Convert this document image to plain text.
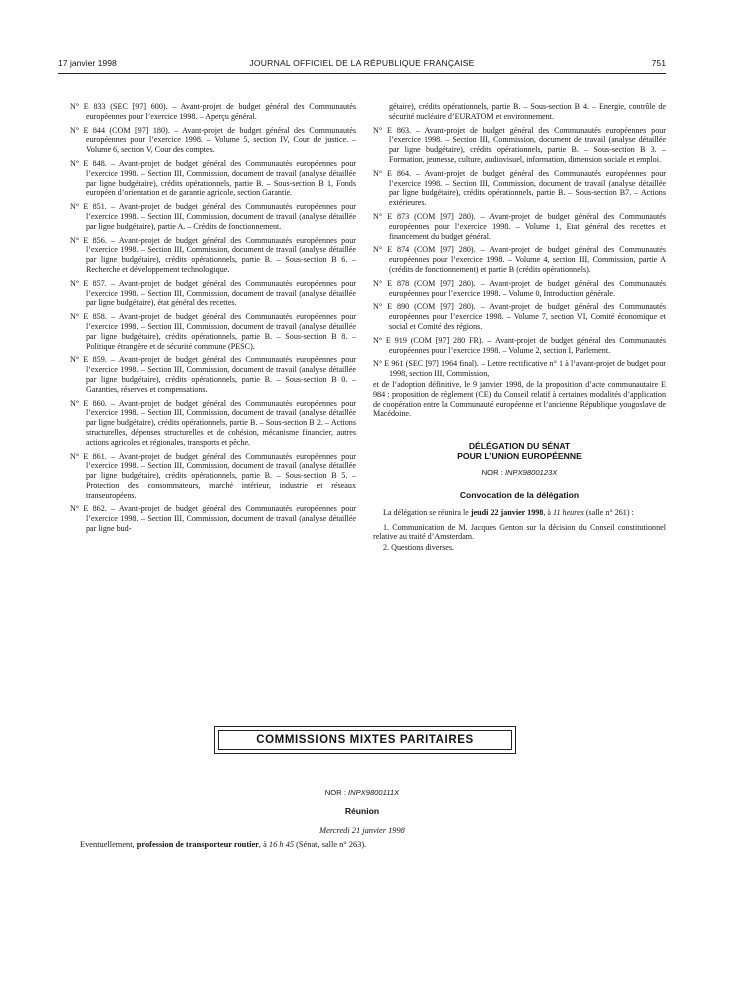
17 janvier 1998	JOURNAL OFFICIEL DE LA RÉPUBLIQUE FRANÇAISE	751

N° E 833 (SEC [97] 600). – Avant-projet de budget général des Communautés européennes pour l’exercice 1998. – Aperçu général.

N° E 844 (COM [97] 180). – Avant-projet de budget général des Communautés européennes pour l’exercice 1998. – Volume 5, section IV, Cour de justice. – Volume 6, section V, Cour des comptes.

N° E 848. – Avant-projet de budget général des Communautés européennes pour l’exercice 1998. – Section III, Commission, document de travail (analyse détaillée par ligne budgétaire), crédits opérationnels, partie B. – Sous-section B 1, Fonds européen d’orientation et de garantie agricole, section Garantie.

N° E 851. – Avant-projet de budget général des Communautés européennes pour l’exercice 1998. – Section III, Commission, document de travail (analyse détaillée par ligne budgétaire), partie A. – Crédits de fonctionnement.

N° E 856. – Avant-projet de budget général des Communautés européennes pour l’exercice 1998. – Section III, Commission, document de travail (analyse détaillée par ligne budgétaire), crédits opérationnels, partie B. – Sous-section B 6. – Recherche et développement technologique.

N° E 857. – Avant-projet de budget général des Communautés européennes pour l’exercice 1998. – Section III, Commission, document de travail (analyse détaillée par ligne budgétaire), état général des recettes.

N° E 858. – Avant-projet de budget général des Communautés européennes pour l’exercice 1998. – Section III, Commission, document de travail (analyse détaillée par ligne budgétaire), crédits opérationnels, partie B. – Sous-section B 8. – Politique étrangère et de sécurité commune (PESC).

N° E 859. – Avant-projet de budget général des Communautés européennes pour l’exercice 1998. – Section III, Commission, document de travail (analyse détaillée par ligne budgétaire), crédits opérationnels, partie B. – Sous-section B 0. – Garanties, réserves et compensations.

N° E 860. – Avant-projet de budget général des Communautés européennes pour l’exercice 1998. – Section III, Commission, document de travail (analyse détaillée par ligne budgétaire), crédits opérationnels, partie B. – Sous-section B 2. – Actions structurelles, dépenses structurelles et de cohésion, mécanisme financier, autres actions agricoles et régionales, transports et pêche.

N° E 861. – Avant-projet de budget général des Communautés européennes pour l’exercice 1998. – Section III, Commission, document de travail (analyse détaillée par ligne budgétaire), crédits opérationnels, partie B. – Sous-section B 5. – Protection des consommateurs, marché intérieur, industrie et réseaux transeuropéens.

N° E 862. – Avant-projet de budget général des Communautés européennes pour l’exercice 1998. – Section III, Commission, document de travail (analyse détaillée par ligne bud-

gétaire), crédits opérationnels, partie B. – Sous-section B 4. – Energie, contrôle de sécurité nucléaire d’EURATOM et environnement.

N° E 863. – Avant-projet de budget général des Communautés européennes pour l’exercice 1998. – Section III, Commission, document de travail (analyse détaillée par ligne budgétaire), crédits opérationnels, partie B. – Sous-section B 3. – Formation, jeunesse, culture, audiovisuel, information, dimension sociale et emploi.

N° E 864. – Avant-projet de budget général des Communautés européennes pour l’exercice 1998. – Section III, Commission, document de travail (analyse détaillée par ligne budgétaire), crédits opérationnels, partie B. – Sous-section B7. – Actions extérieures.

N° E 873 (COM [97] 280). – Avant-projet de budget général des Communautés européennes pour l’exercice 1998. – Volume 1, Etat général des recettes et financement du budget général.

N° E 874 (COM [97] 280). – Avant-projet de budget général des Communautés européennes pour l’exercice 1998. – Volume 4, section III, Commission, partie A (crédits de fonctionnement) et partie B (crédits opérationnels).

N° E 878 (COM [97] 280). – Avant-projet de budget général des Communautés européennes pour l’exercice 1998. – Volume 0, Introduction générale.

N° E 890 (COM [97] 280). – Avant-projet de budget général des Communautés européennes pour l’exercice 1998. – Volume 7, section VI, Comité économique et social et Comité des régions.

N° E 919 (COM [97] 280 FR). – Avant-projet de budget général des Communautés européennes pour l’exercice 1998. – Volume 2, section I, Parlement.

N° E 961 (SEC [97] 1964 final). – Lettre rectificative n° 1 à l’avant-projet de budget pour 1998, section III, Commission,

et de l’adoption définitive, le 9 janvier 1998, de la proposition d’acte communautaire E 984 : proposition de règlement (CE) du Conseil relatif à certaines modalités d’application de coopération entre la Communauté européenne et l’ancienne République yougoslave de Macédoine.

DÉLÉGATION DU SÉNAT
POUR L’UNION EUROPÉENNE
NOR : INPX9800123X
Convocation de la délégation

La délégation se réunira le jeudi 22 janvier 1998, à 11 heures (salle n° 261) :

1. Communication de M. Jacques Genton sur la décision du Conseil constitutionnel relative au traité d’Amsterdam.

2. Questions diverses.

COMMISSIONS MIXTES PARITAIRES
NOR : INPX9800111X
Réunion
Mercredi 21 janvier 1998
Eventuellement, profession de transporteur routier, à 16 h 45 (Sénat, salle n° 263).
